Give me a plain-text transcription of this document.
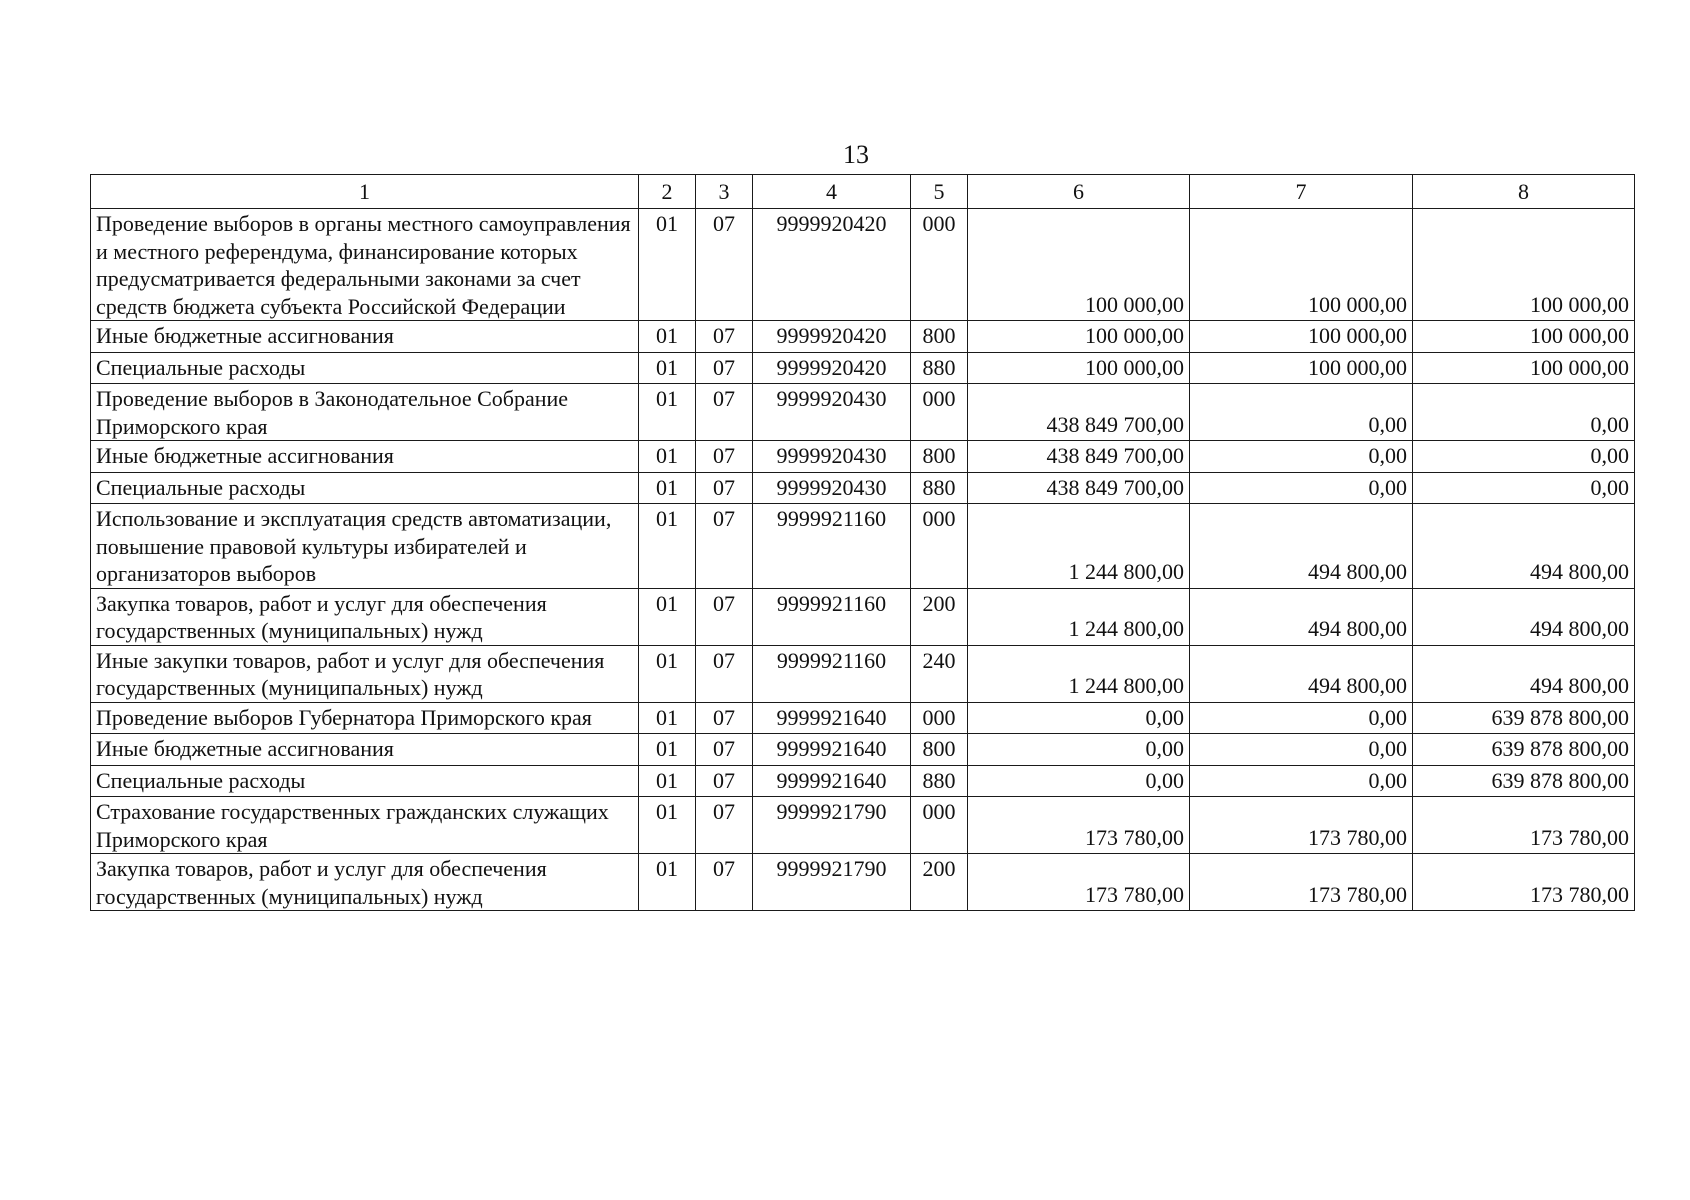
13
1	2	3	4	5	6	7	8
Проведение выборов в органы местного самоуправления и местного референдума, финансирование которых предусматривается федеральными законами за счет средств бюджета субъекта Российской Федерации	01	07	9999920420	000	100 000,00	100 000,00	100 000,00
Иные бюджетные ассигнования	01	07	9999920420	800	100 000,00	100 000,00	100 000,00
Специальные расходы	01	07	9999920420	880	100 000,00	100 000,00	100 000,00
Проведение выборов в Законодательное Собрание Приморского края	01	07	9999920430	000	438 849 700,00	0,00	0,00
Иные бюджетные ассигнования	01	07	9999920430	800	438 849 700,00	0,00	0,00
Специальные расходы	01	07	9999920430	880	438 849 700,00	0,00	0,00
Использование и эксплуатация средств автоматизации, повышение правовой культуры избирателей и организаторов выборов	01	07	9999921160	000	1 244 800,00	494 800,00	494 800,00
Закупка товаров, работ и услуг для обеспечения государственных (муниципальных) нужд	01	07	9999921160	200	1 244 800,00	494 800,00	494 800,00
Иные закупки товаров, работ и услуг для обеспечения государственных (муниципальных) нужд	01	07	9999921160	240	1 244 800,00	494 800,00	494 800,00
Проведение выборов Губернатора Приморского края	01	07	9999921640	000	0,00	0,00	639 878 800,00
Иные бюджетные ассигнования	01	07	9999921640	800	0,00	0,00	639 878 800,00
Специальные расходы	01	07	9999921640	880	0,00	0,00	639 878 800,00
Страхование государственных гражданских служащих Приморского края	01	07	9999921790	000	173 780,00	173 780,00	173 780,00
Закупка товаров, работ и услуг для обеспечения государственных (муниципальных) нужд	01	07	9999921790	200	173 780,00	173 780,00	173 780,00
